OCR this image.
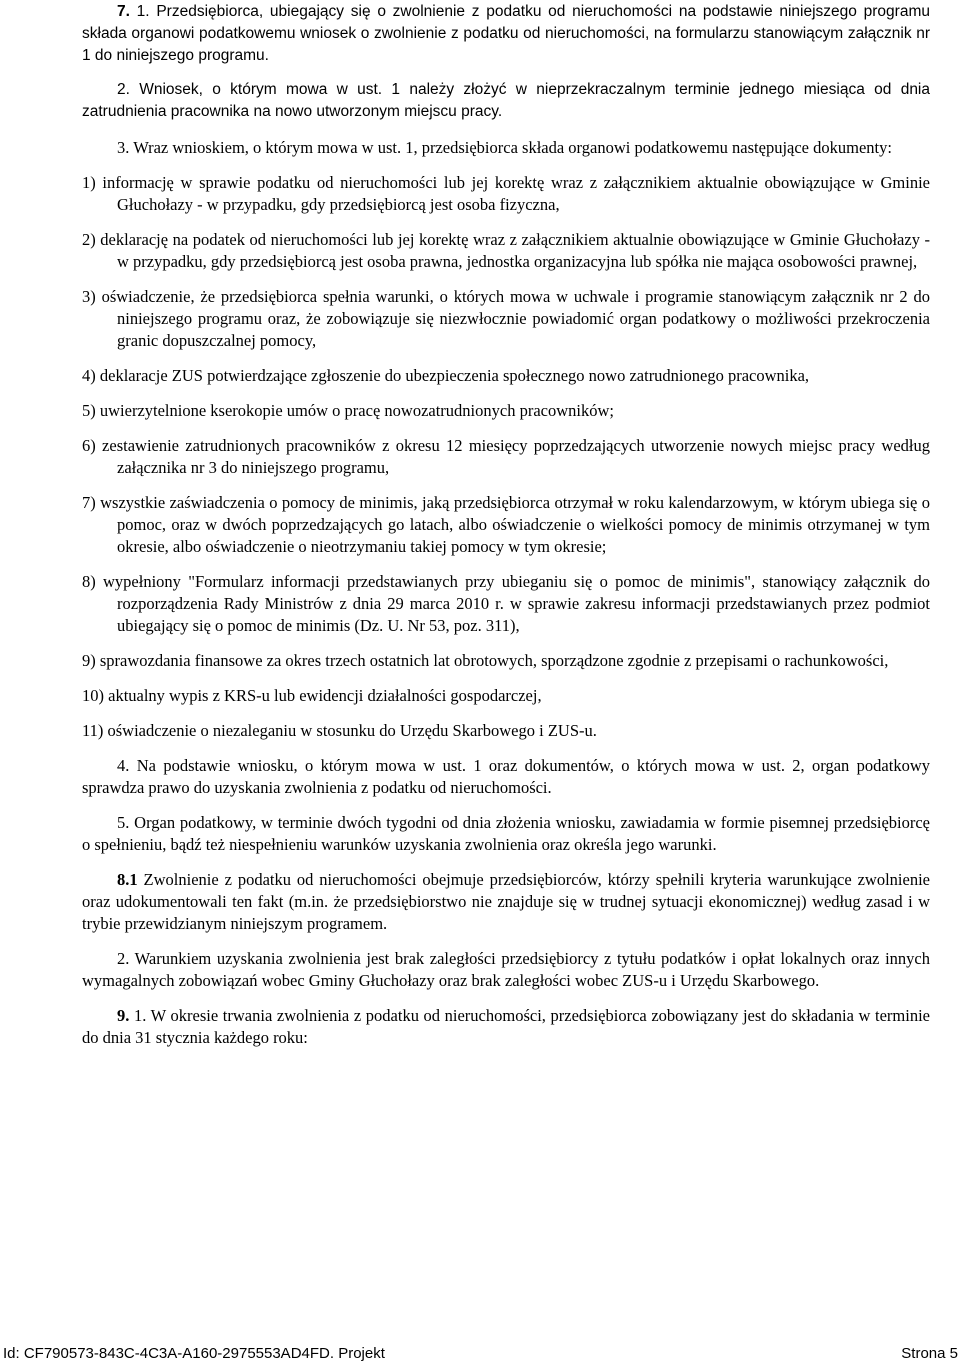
7. 1. Przedsiębiorca, ubiegający się o zwolnienie z podatku od nieruchomości na podstawie niniejszego programu składa organowi podatkowemu wniosek o zwolnienie z podatku od nieruchomości, na formularzu stanowiącym załącznik nr 1 do niniejszego programu.

2. Wniosek, o którym mowa w ust. 1 należy złożyć w nieprzekraczalnym terminie jednego miesiąca od dnia zatrudnienia pracownika na nowo utworzonym miejscu pracy.

3. Wraz wnioskiem, o którym mowa w ust. 1, przedsiębiorca składa organowi podatkowemu następujące dokumenty:

1) informację w sprawie podatku od nieruchomości lub jej korektę wraz z załącznikiem aktualnie obowiązujące w Gminie Głuchołazy - w przypadku, gdy przedsiębiorcą jest osoba fizyczna,

2) deklarację na podatek od nieruchomości lub jej korektę wraz z załącznikiem aktualnie obowiązujące w Gminie Głuchołazy - w przypadku, gdy przedsiębiorcą jest osoba prawna, jednostka organizacyjna lub spółka nie mająca osobowości prawnej,

3) oświadczenie, że przedsiębiorca spełnia warunki, o których mowa w uchwale i programie stanowiącym załącznik nr 2 do niniejszego programu oraz, że zobowiązuje się niezwłocznie powiadomić organ podatkowy o możliwości przekroczenia granic dopuszczalnej pomocy,

4) deklaracje ZUS potwierdzające zgłoszenie do ubezpieczenia społecznego nowo zatrudnionego pracownika,

5) uwierzytelnione kserokopie umów o pracę nowozatrudnionych pracowników;

6) zestawienie zatrudnionych pracowników z okresu 12 miesięcy poprzedzających utworzenie nowych miejsc pracy według załącznika nr 3 do niniejszego programu,

7) wszystkie zaświadczenia o pomocy de minimis, jaką przedsiębiorca otrzymał w roku kalendarzowym, w którym ubiega się o pomoc, oraz w dwóch poprzedzających go latach, albo oświadczenie o wielkości pomocy de minimis otrzymanej w tym okresie, albo oświadczenie o nieotrzymaniu takiej pomocy w tym okresie;

8) wypełniony "Formularz informacji przedstawianych przy ubieganiu się o pomoc de minimis", stanowiący załącznik do rozporządzenia Rady Ministrów z dnia 29 marca 2010 r. w sprawie zakresu informacji przedstawianych przez podmiot ubiegający się o pomoc de minimis (Dz. U. Nr 53, poz. 311),

9) sprawozdania finansowe za okres trzech ostatnich lat obrotowych, sporządzone zgodnie z przepisami o rachunkowości,

10) aktualny wypis z KRS-u lub ewidencji działalności gospodarczej,

11) oświadczenie o niezaleganiu w stosunku do Urzędu Skarbowego i ZUS-u.

4. Na podstawie wniosku, o którym mowa w ust. 1 oraz dokumentów, o których mowa w ust. 2, organ podatkowy sprawdza prawo do uzyskania zwolnienia z podatku od nieruchomości.

5. Organ podatkowy, w terminie dwóch tygodni od dnia złożenia wniosku, zawiadamia w formie pisemnej przedsiębiorcę o spełnieniu, bądź też niespełnieniu warunków uzyskania zwolnienia oraz określa jego warunki.

8.1 Zwolnienie z podatku od nieruchomości obejmuje przedsiębiorców, którzy spełnili kryteria warunkujące zwolnienie oraz udokumentowali ten fakt (m.in. że przedsiębiorstwo nie znajduje się w trudnej sytuacji ekonomicznej) według zasad i w trybie przewidzianym niniejszym programem.

2. Warunkiem uzyskania zwolnienia jest brak zaległości przedsiębiorcy z tytułu podatków i opłat lokalnych oraz innych wymagalnych zobowiązań wobec Gminy Głuchołazy oraz brak zaległości wobec ZUS-u i Urzędu Skarbowego.

9. 1. W okresie trwania zwolnienia z podatku od nieruchomości, przedsiębiorca zobowiązany jest do składania w terminie do dnia 31 stycznia każdego roku:

Id: CF790573-843C-4C3A-A160-2975553AD4FD. Projekt	Strona 5
